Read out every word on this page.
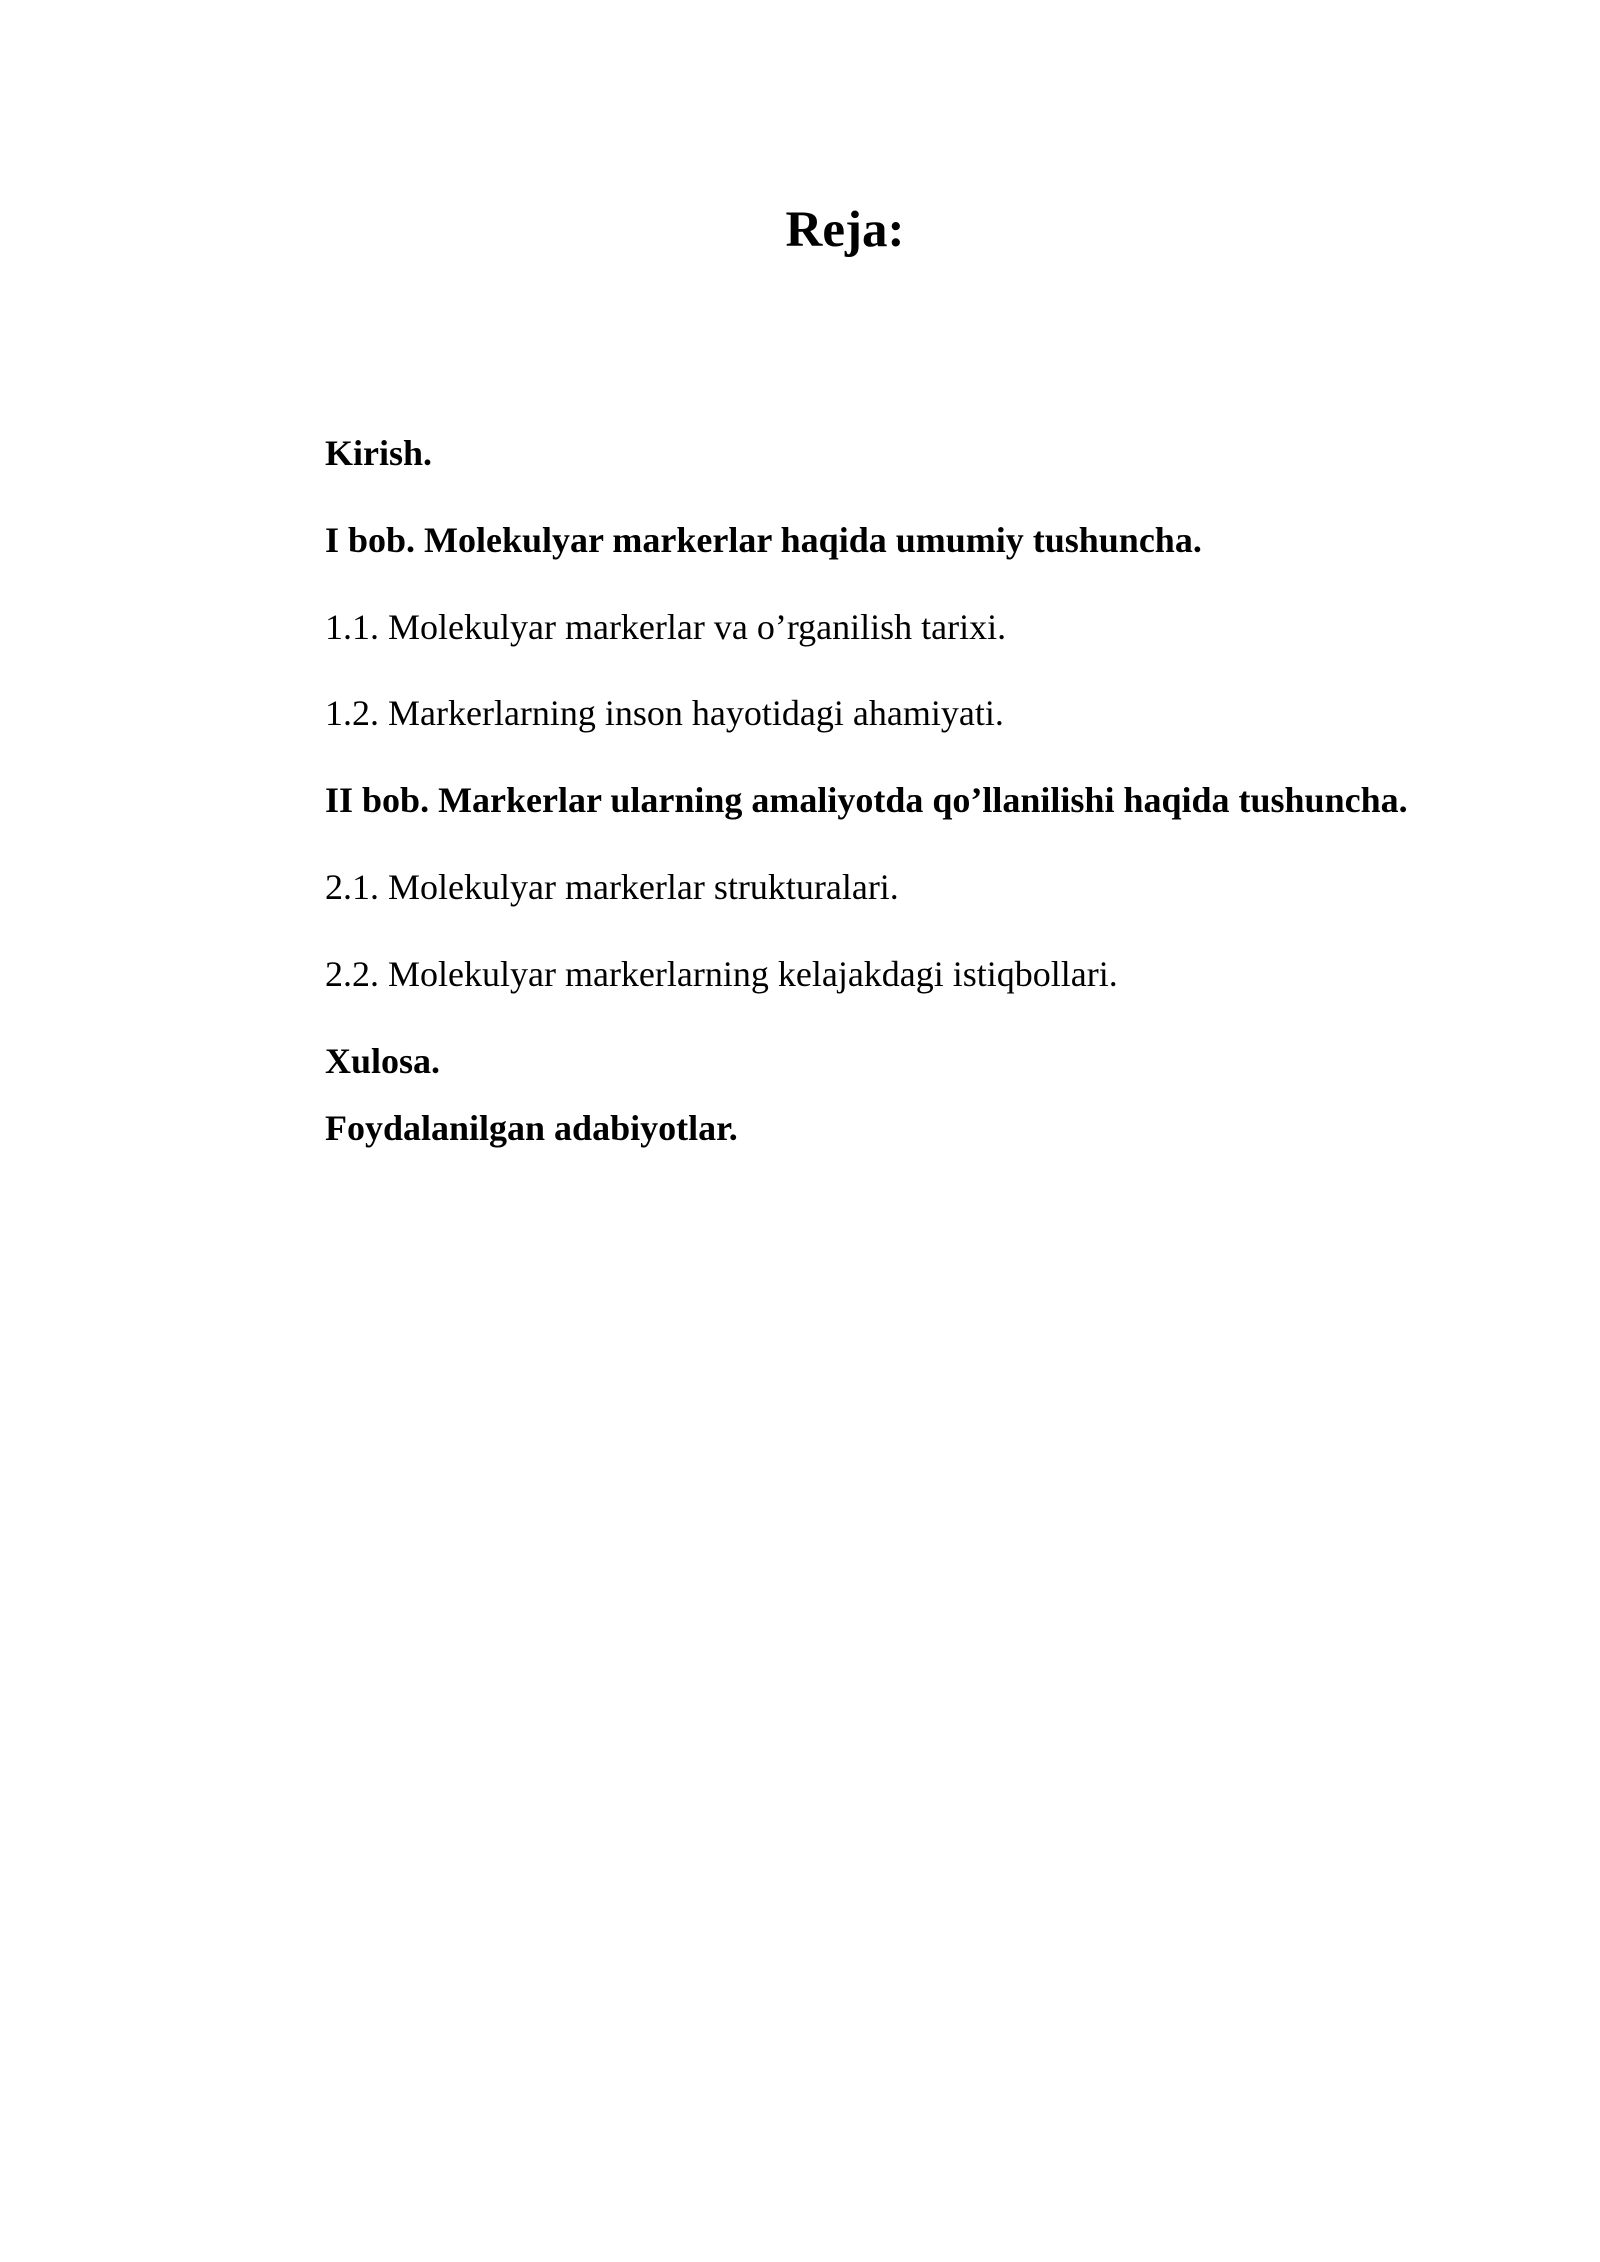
Reja:
Kirish.
I bob. Molekulyar markerlar haqida umumiy tushuncha.
1.1. Molekulyar markerlar va o’rganilish tarixi.
1.2. Markerlarning inson hayotidagi ahamiyati.
II bob. Markerlar ularning amaliyotda qo’llanilishi haqida tushuncha.
2.1. Molekulyar markerlar strukturalari.
2.2. Molekulyar markerlarning kelajakdagi istiqbollari.
Xulosa.
Foydalanilgan adabiyotlar.
